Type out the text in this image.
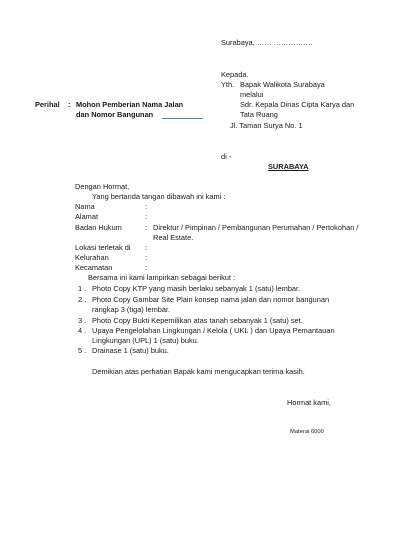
Surabaya, …… …………….
Kepada.
Yth. Bapak Walikota Surabaya
melalui
Sdr. Kepala Dinas Cipta Karya dan
Tata Ruang
Jl. Taman Surya No. 1
di -
SURABAYA
Perihal : Mohon Pemberian Nama Jalan
dan Nomor Bangunan
Dengan Hormat,
Yang bertanda tangan dibawah ini kami :
Nama	:
Alamat	:
Badan Hukum	: Direktur / Pimpinan / Pembangunan Perumahan / Pertokohan /
Real Estate.
Lokasi terletak di :
Kelurahan	:
Kecamatan	:
Bersama ini kami lampirkan sebagai berikut :
1 . Photo Copy KTP yang masih berlaku sebanyak 1 (satu) lembar.
2 . Photo Copy Gambar Site Plain konsep nama jalan dan nomor bangunan
rangkap 3 (tiga) lembar.
3 . Photo Copy Bukti Kepemilikan atas tanah sebanyak 1 (satu) set.
4 . Upaya Pengelolahan Lingkungan / Kelola ( UKL ) dan Upaya Pemantauan
Lingkungan (UPL) 1 (satu) buku.
5 . Drainase 1 (satu) buku.
Demikian atas perhatian Bapak kami mengucapkan terima kasih.
Hormat kami,
Materai 6000
